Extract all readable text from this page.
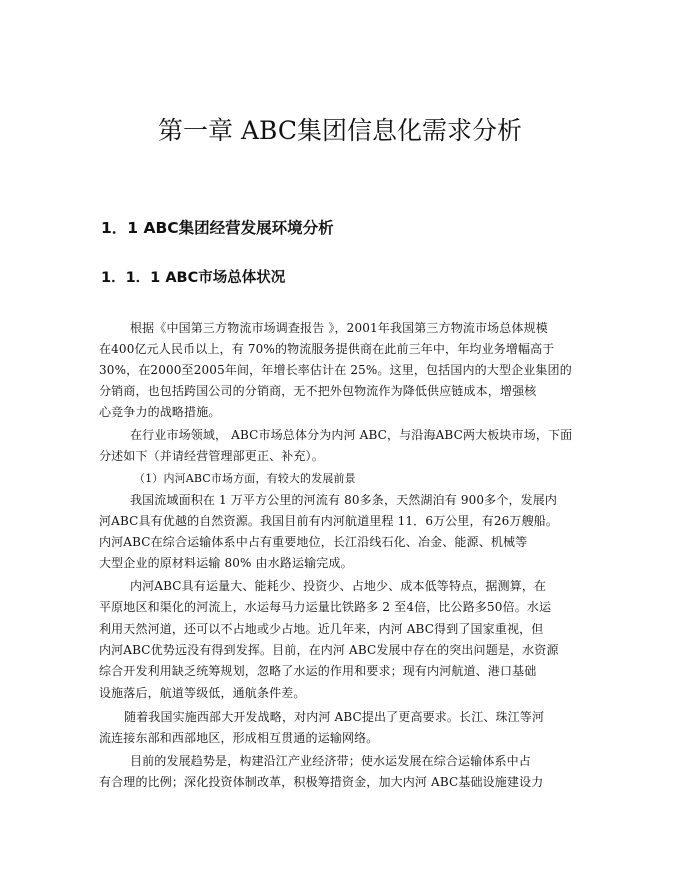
第一章 ABC集团信息化需求分析
1．1 ABC集团经营发展环境分析
1．1．1 ABC市场总体状况
根据《中国第三方物流市场调查报告 》，2001年我国第三方物流市场总体规模
在400亿元人民币以上，有 70%的物流服务提供商在此前三年中，年均业务增幅高于
30%，在2000至2005年间，年增长率估计在 25%。这里，包括国内的大型企业集团的
分销商，也包括跨国公司的分销商，无不把外包物流作为降低供应链成本，增强核
心竞争力的战略措施。
在行业市场领域， ABC市场总体分为内河 ABC，与沿海ABC两大板块市场，下面
分述如下（并请经营管理部更正、补充）。
（1）内河ABC市场方面，有较大的发展前景
我国流域面积在 1 万平方公里的河流有 80多条，天然湖泊有 900多个，发展内
河ABC具有优越的自然资源。我国目前有内河航道里程 11．6万公里，有26万艘船。
内河ABC在综合运输体系中占有重要地位，长江沿线石化、冶金、能源、机械等
大型企业的原材料运输 80% 由水路运输完成。
内河ABC具有运量大、能耗少、投资少、占地少、成本低等特点，据测算，在
平原地区和渠化的河流上，水运每马力运量比铁路多 2 至4倍，比公路多50倍。水运
利用天然河道，还可以不占地或少占地。近几年来，内河 ABC得到了国家重视，但
内河ABC优势远没有得到发挥。目前，在内河 ABC发展中存在的突出问题是，水资源
综合开发利用缺乏统筹规划，忽略了水运的作用和要求；现有内河航道、港口基础
设施落后，航道等级低，通航条件差。
随着我国实施西部大开发战略，对内河 ABC提出了更高要求。长江、珠江等河
流连接东部和西部地区，形成相互贯通的运输网络。
目前的发展趋势是，构建沿江产业经济带；使水运发展在综合运输体系中占
有合理的比例；深化投资体制改革，积极筹措资金，加大内河 ABC基础设施建设力
